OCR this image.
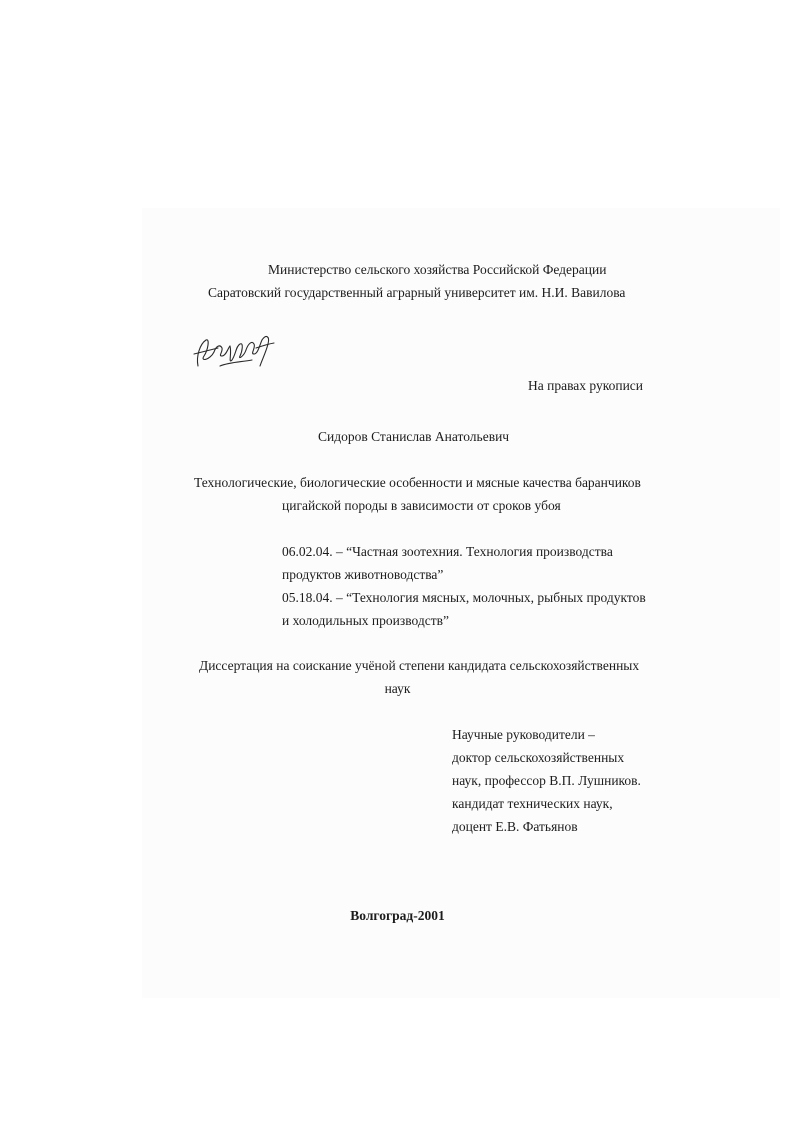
Министерство сельского хозяйства Российской Федерации

Саратовский государственный аграрный университет им. Н.И. Вавилова

На правах рукописи

Сидоров Станислав Анатольевич

Технологические, биологические особенности и мясные качества баранчиков

цигайской породы в зависимости от сроков убоя

06.02.04. – “Частная зоотехния. Технология производства

продуктов животноводства”

05.18.04. – “Технология мясных, молочных, рыбных продуктов

и холодильных производств”

Диссертация на соискание учёной степени кандидата сельскохозяйственных

наук

Научные руководители –

доктор сельскохозяйственных

наук, профессор В.П. Лушников.

кандидат технических наук,

доцент Е.В. Фатьянов

Волгоград-2001
